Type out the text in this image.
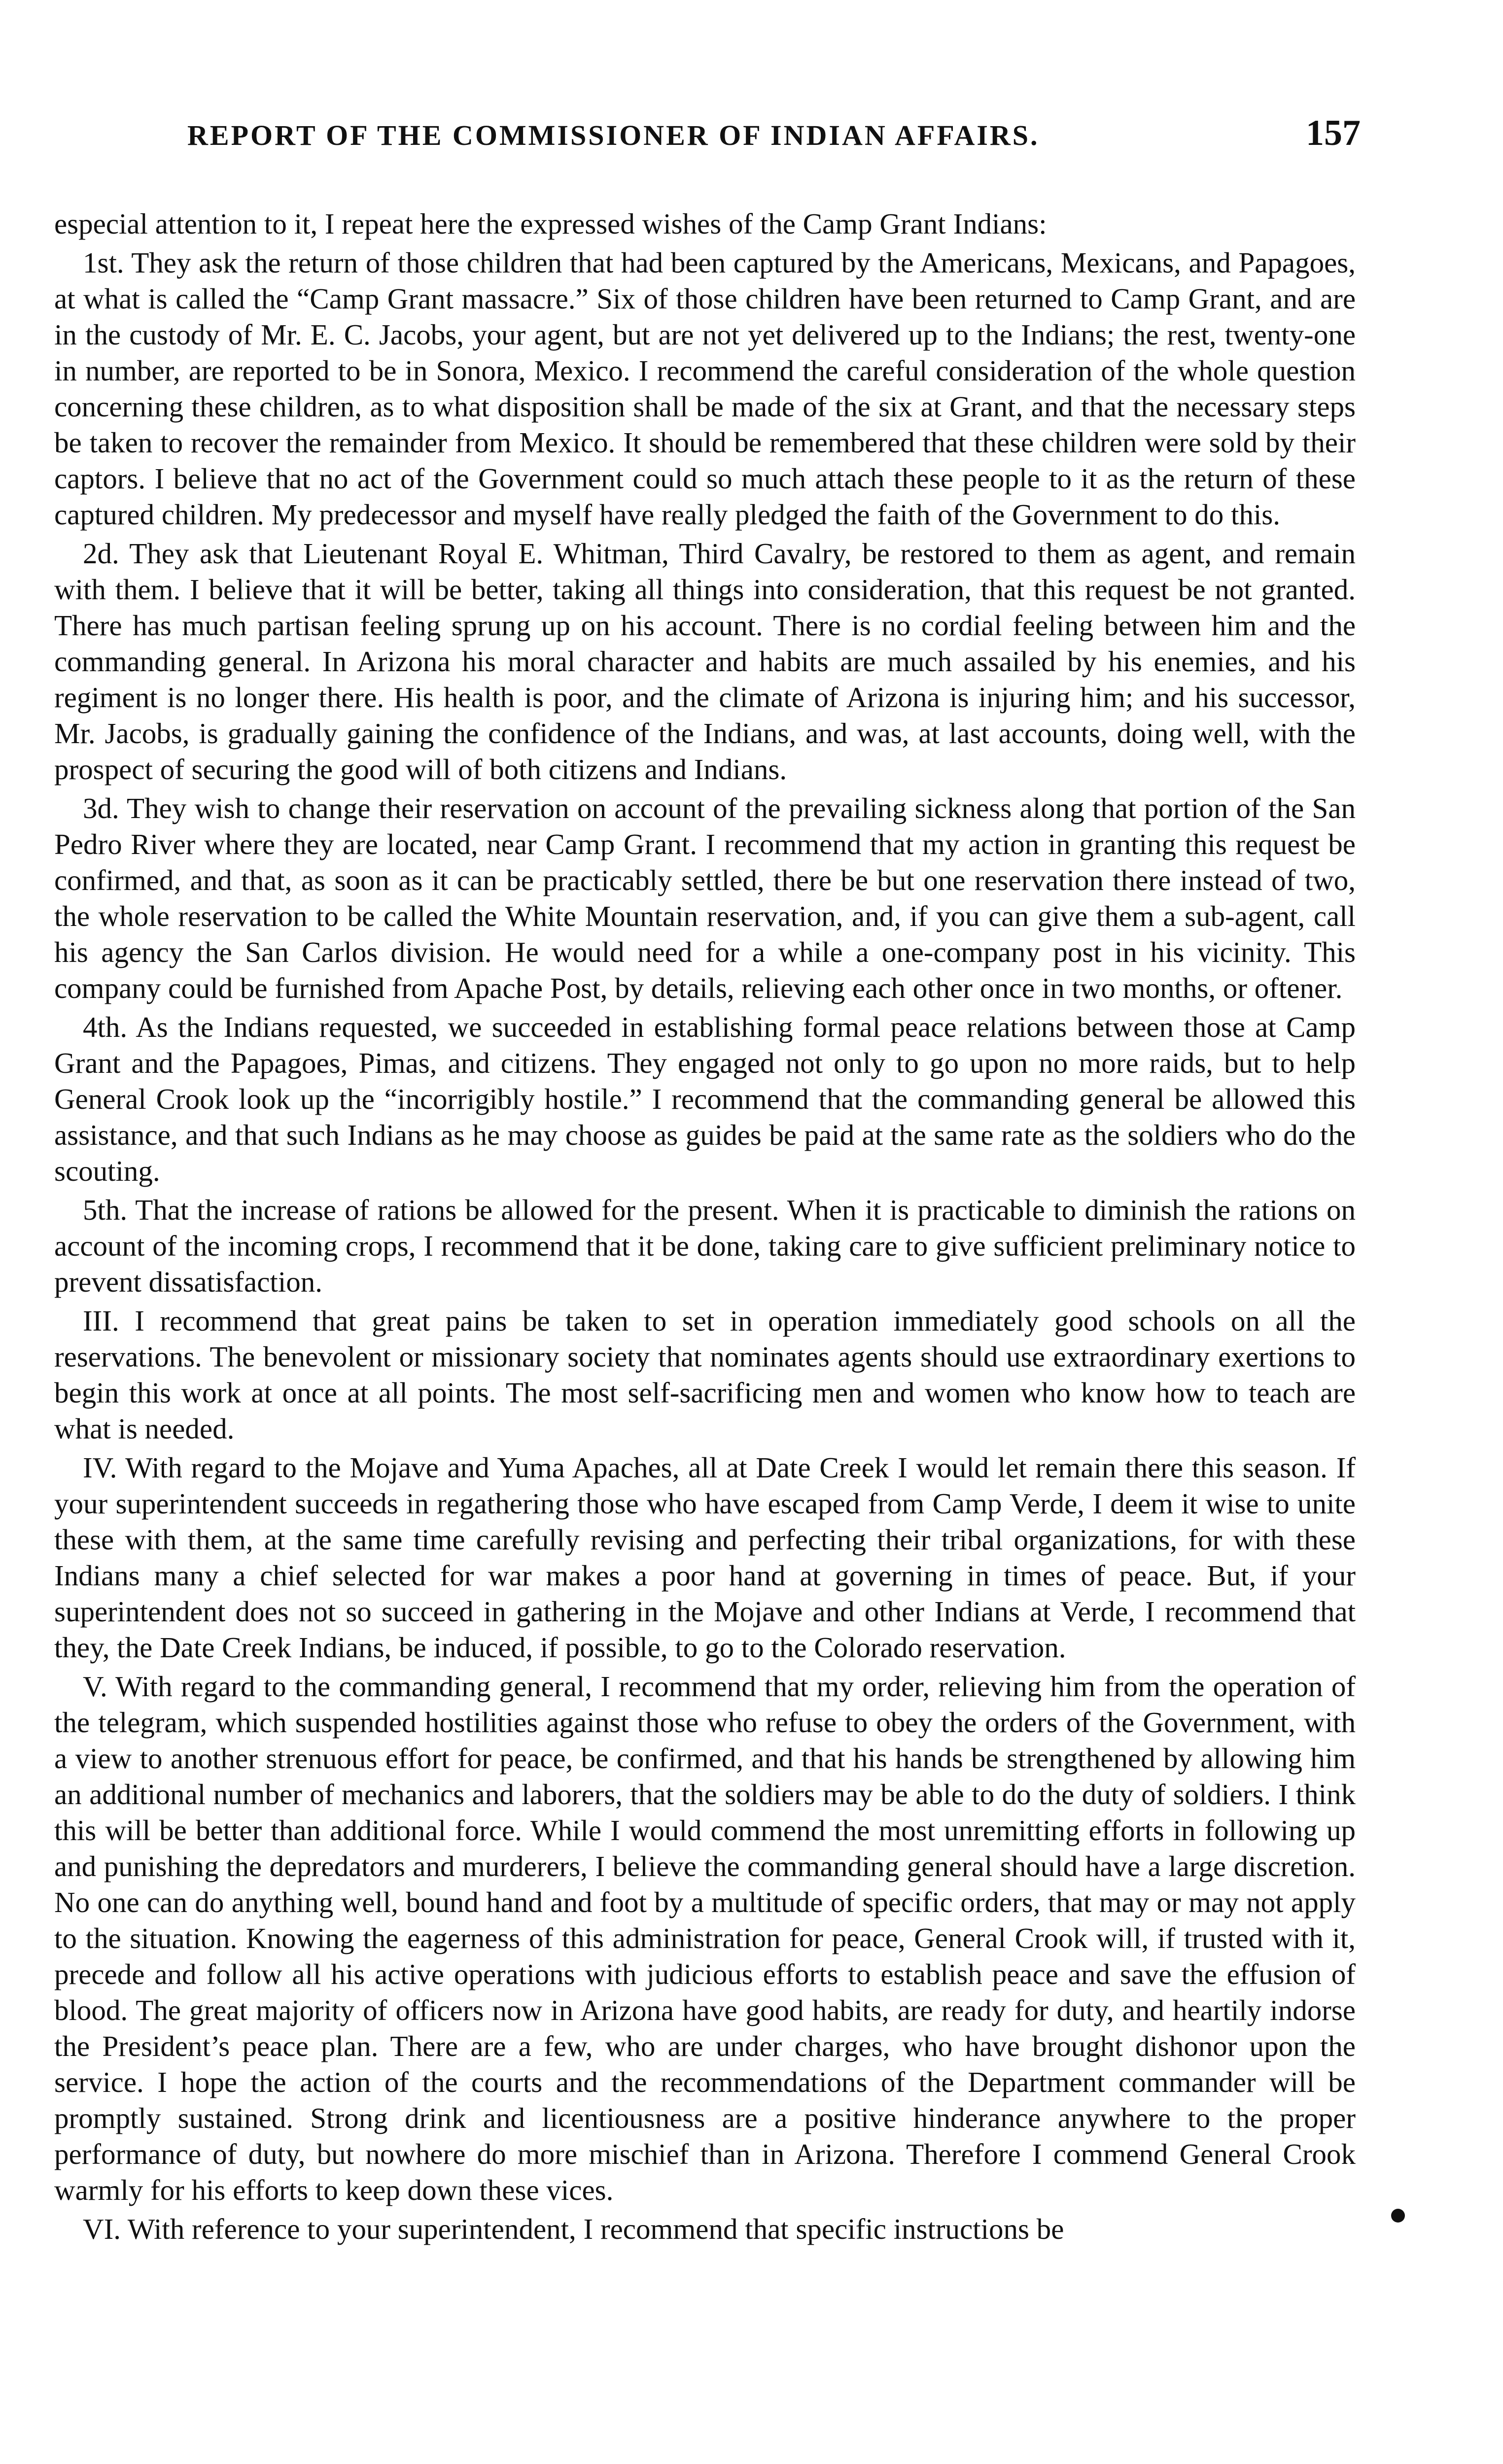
REPORT OF THE COMMISSIONER OF INDIAN AFFAIRS.	157

especial attention to it, I repeat here the expressed wishes of the Camp Grant Indians:

1st. They ask the return of those children that had been captured by the Americans, Mexicans, and Papagoes, at what is called the “Camp Grant massacre.” Six of those children have been returned to Camp Grant, and are in the custody of Mr. E. C. Jacobs, your agent, but are not yet delivered up to the Indians; the rest, twenty-one in number, are reported to be in Sonora, Mexico. I recommend the careful consideration of the whole question concerning these children, as to what disposition shall be made of the six at Grant, and that the necessary steps be taken to recover the remainder from Mexico. It should be remembered that these children were sold by their captors. I believe that no act of the Government could so much attach these people to it as the return of these captured children. My predecessor and myself have really pledged the faith of the Government to do this.

2d. They ask that Lieutenant Royal E. Whitman, Third Cavalry, be restored to them as agent, and remain with them. I believe that it will be better, taking all things into consideration, that this request be not granted. There has much partisan feeling sprung up on his account. There is no cordial feeling between him and the commanding general. In Arizona his moral character and habits are much assailed by his enemies, and his regiment is no longer there. His health is poor, and the climate of Arizona is injuring him; and his successor, Mr. Jacobs, is gradually gaining the confidence of the Indians, and was, at last accounts, doing well, with the prospect of securing the good will of both citizens and Indians.

3d. They wish to change their reservation on account of the prevailing sickness along that portion of the San Pedro River where they are located, near Camp Grant. I recommend that my action in granting this request be confirmed, and that, as soon as it can be practicably settled, there be but one reservation there instead of two, the whole reservation to be called the White Mountain reservation, and, if you can give them a sub-agent, call his agency the San Carlos division. He would need for a while a one-company post in his vicinity. This company could be furnished from Apache Post, by details, relieving each other once in two months, or oftener.

4th. As the Indians requested, we succeeded in establishing formal peace relations between those at Camp Grant and the Papagoes, Pimas, and citizens. They engaged not only to go upon no more raids, but to help General Crook look up the “incorrigibly hostile.” I recommend that the commanding general be allowed this assistance, and that such Indians as he may choose as guides be paid at the same rate as the soldiers who do the scouting.

5th. That the increase of rations be allowed for the present. When it is practicable to diminish the rations on account of the incoming crops, I recommend that it be done, taking care to give sufficient preliminary notice to prevent dissatisfaction.

III. I recommend that great pains be taken to set in operation immediately good schools on all the reservations. The benevolent or missionary society that nominates agents should use extraordinary exertions to begin this work at once at all points. The most self-sacrificing men and women who know how to teach are what is needed.

IV. With regard to the Mojave and Yuma Apaches, all at Date Creek I would let remain there this season. If your superintendent succeeds in regathering those who have escaped from Camp Verde, I deem it wise to unite these with them, at the same time carefully revising and perfecting their tribal organizations, for with these Indians many a chief selected for war makes a poor hand at governing in times of peace. But, if your superintendent does not so succeed in gathering in the Mojave and other Indians at Verde, I recommend that they, the Date Creek Indians, be induced, if possible, to go to the Colorado reservation.

V. With regard to the commanding general, I recommend that my order, relieving him from the operation of the telegram, which suspended hostilities against those who refuse to obey the orders of the Government, with a view to another strenuous effort for peace, be confirmed, and that his hands be strengthened by allowing him an additional number of mechanics and laborers, that the soldiers may be able to do the duty of soldiers. I think this will be better than additional force. While I would commend the most unremitting efforts in following up and punishing the depredators and murderers, I believe the commanding general should have a large discretion. No one can do anything well, bound hand and foot by a multitude of specific orders, that may or may not apply to the situation. Knowing the eagerness of this administration for peace, General Crook will, if trusted with it, precede and follow all his active operations with judicious efforts to establish peace and save the effusion of blood. The great majority of officers now in Arizona have good habits, are ready for duty, and heartily indorse the President’s peace plan. There are a few, who are under charges, who have brought dishonor upon the service. I hope the action of the courts and the recommendations of the Department commander will be promptly sustained. Strong drink and licentiousness are a positive hinderance anywhere to the proper performance of duty, but nowhere do more mischief than in Arizona. Therefore I commend General Crook warmly for his efforts to keep down these vices.

VI. With reference to your superintendent, I recommend that specific instructions be
